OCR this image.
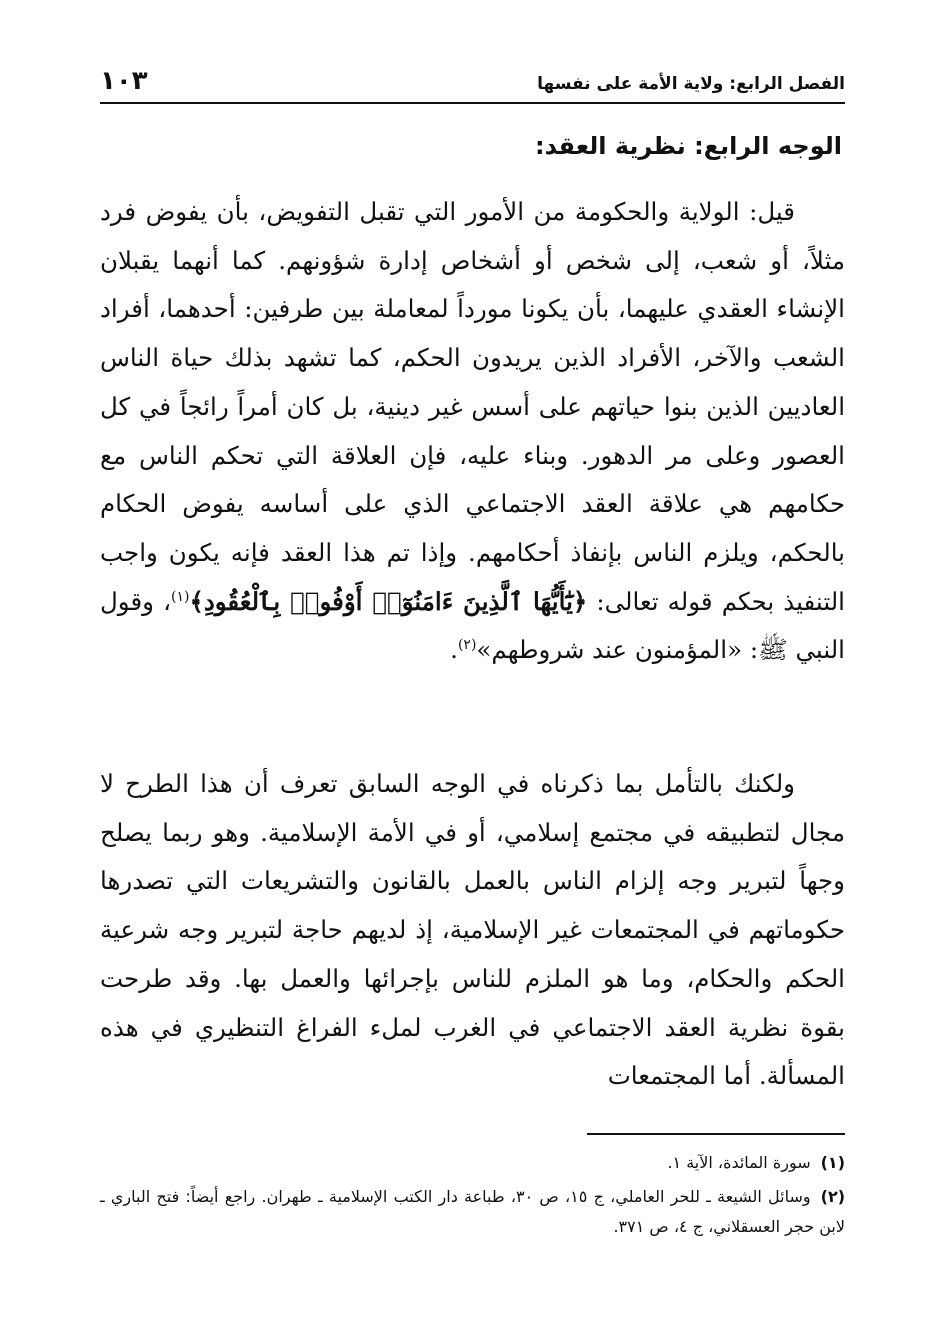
الفصل الرابع: ولاية الأمة على نفسها
١٠٣
الوجه الرابع: نظرية العقد:

قيل: الولاية والحكومة من الأمور التي تقبل التفويض، بأن يفوض فرد مثلاً، أو شعب، إلى شخص أو أشخاص إدارة شؤونهم. كما أنهما يقبلان الإنشاء العقدي عليهما، بأن يكونا مورداً لمعاملة بين طرفين: أحدهما، أفراد الشعب والآخر، الأفراد الذين يريدون الحكم، كما تشهد بذلك حياة الناس العاديين الذين بنوا حياتهم على أسس غير دينية، بل كان أمراً رائجاً في كل العصور وعلى مر الدهور. وبناء عليه، فإن العلاقة التي تحكم الناس مع حكامهم هي علاقة العقد الاجتماعي الذي على أساسه يفوض الحكام بالحكم، ويلزم الناس بإنفاذ أحكامهم. وإذا تم هذا العقد فإنه يكون واجب التنفيذ بحكم قوله تعالى: ﴿يَٰٓأَيُّهَا ٱلَّذِينَ ءَامَنُوٓا۟ أَوْفُوا۟ بِٱلْعُقُودِ﴾$^{(١)}$، وقول النبي ﷺ: «المؤمنون عند شروطهم»$^{(٢)}$.

ولكنك بالتأمل بما ذكرناه في الوجه السابق تعرف أن هذا الطرح لا مجال لتطبيقه في مجتمع إسلامي، أو في الأمة الإسلامية. وهو ربما يصلح وجهاً لتبرير وجه إلزام الناس بالعمل بالقانون والتشريعات التي تصدرها حكوماتهم في المجتمعات غير الإسلامية، إذ لديهم حاجة لتبرير وجه شرعية الحكم والحكام، وما هو الملزم للناس بإجرائها والعمل بها. وقد طرحت بقوة نظرية العقد الاجتماعي في الغرب لملء الفراغ التنظيري في هذه المسألة. أما المجتمعات

(١)سورة المائدة، الآية ١.
(٢)وسائل الشيعة ـ للحر العاملي، ج ١٥، ص ٣٠، طباعة دار الكتب الإسلامية ـ طهران. راجع أيضاً: فتح الباري ـ لابن حجر العسقلاني، ج ٤، ص ٣٧١.
